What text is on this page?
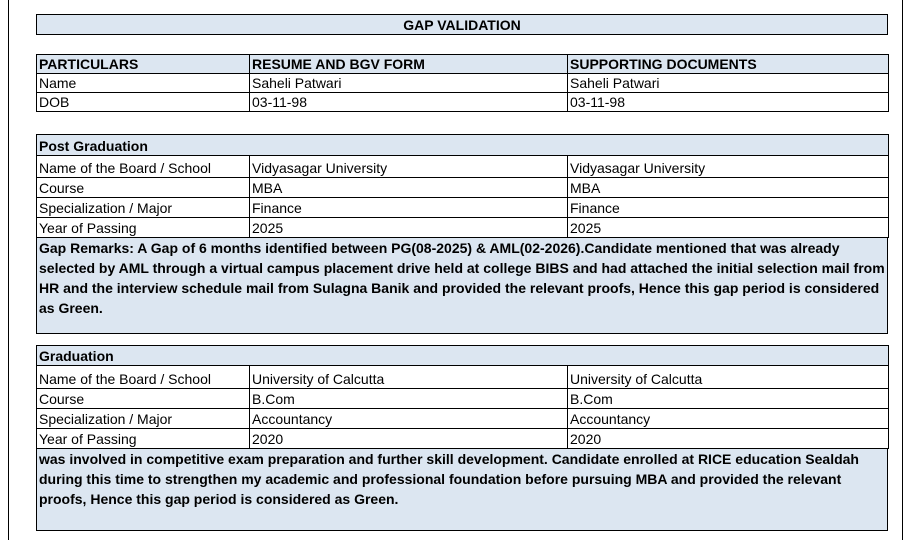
GAP VALIDATION
PARTICULARS	RESUME AND BGV FORM	SUPPORTING DOCUMENTS
Name	Saheli Patwari	Saheli Patwari
DOB	03-11-98	03-11-98
Post Graduation		
Name of the Board / School	Vidyasagar University	Vidyasagar University
Course	MBA	MBA
Specialization / Major	Finance	Finance
Year of Passing	2025	2025
Gap Remarks: A Gap of 6 months identified between PG(08-2025) & AML(02-2026).Candidate mentioned that was already selected by AML through a virtual campus placement drive held at college BIBS and had attached the initial selection mail from HR and the interview schedule mail from Sulagna Banik and provided the relevant proofs, Hence this gap period is considered as Green.
Graduation		
Name of the Board / School	University of Calcutta	University of Calcutta
Course	B.Com	B.Com
Specialization / Major	Accountancy	Accountancy
Year of Passing	2020	2020
was involved in competitive exam preparation and further skill development. Candidate enrolled at RICE education Sealdah during this time to strengthen my academic and professional foundation before pursuing MBA and provided the relevant proofs, Hence this gap period is considered as Green.
